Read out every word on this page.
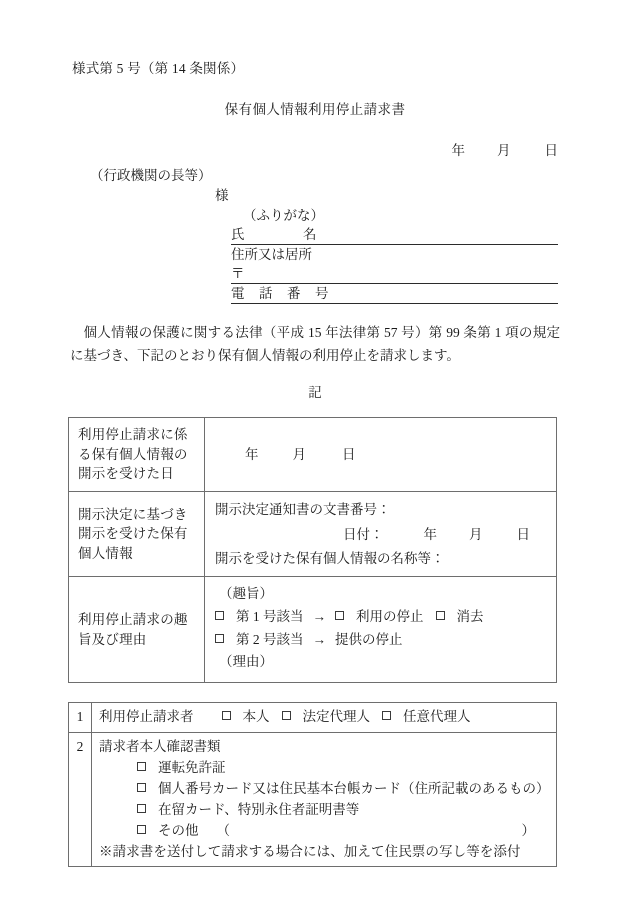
様式第 5 号（第 14 条関係）
保有個人情報利用停止請求書
年 月	日
（行政機関の長等）
様
（ふりがな）
氏	名
住所又は居所
〒
電　話　番　号
個人情報の保護に関する法律（平成 15 年法律第 57 号）第 99 条第 1 項の規定に基づき、下記のとおり保有個人情報の利用停止を請求します。
記
利用停止請求に係る保有個人情報の開示を受けた日	年 月 日
開示決定に基づき開示を受けた保有個人情報	開示決定通知書の文書番号：
日付： 年 月 日
開示を受けた保有個人情報の名称等：

利用停止請求の趣旨及び理由	（趣旨）
第 1 号該当 → 利用の停止 消去
第 2 号該当 → 提供の停止
（理由）
1	利用停止請求者 本人 法定代理人 任意代理人

2	請求者本人確認書類
運転免許証
個人番号カード又は住民基本台帳カード（住所記載のあるもの）
在留カード、特別永住者証明書等
その他 （	）
※請求書を送付して請求する場合には、加えて住民票の写し等を添付
